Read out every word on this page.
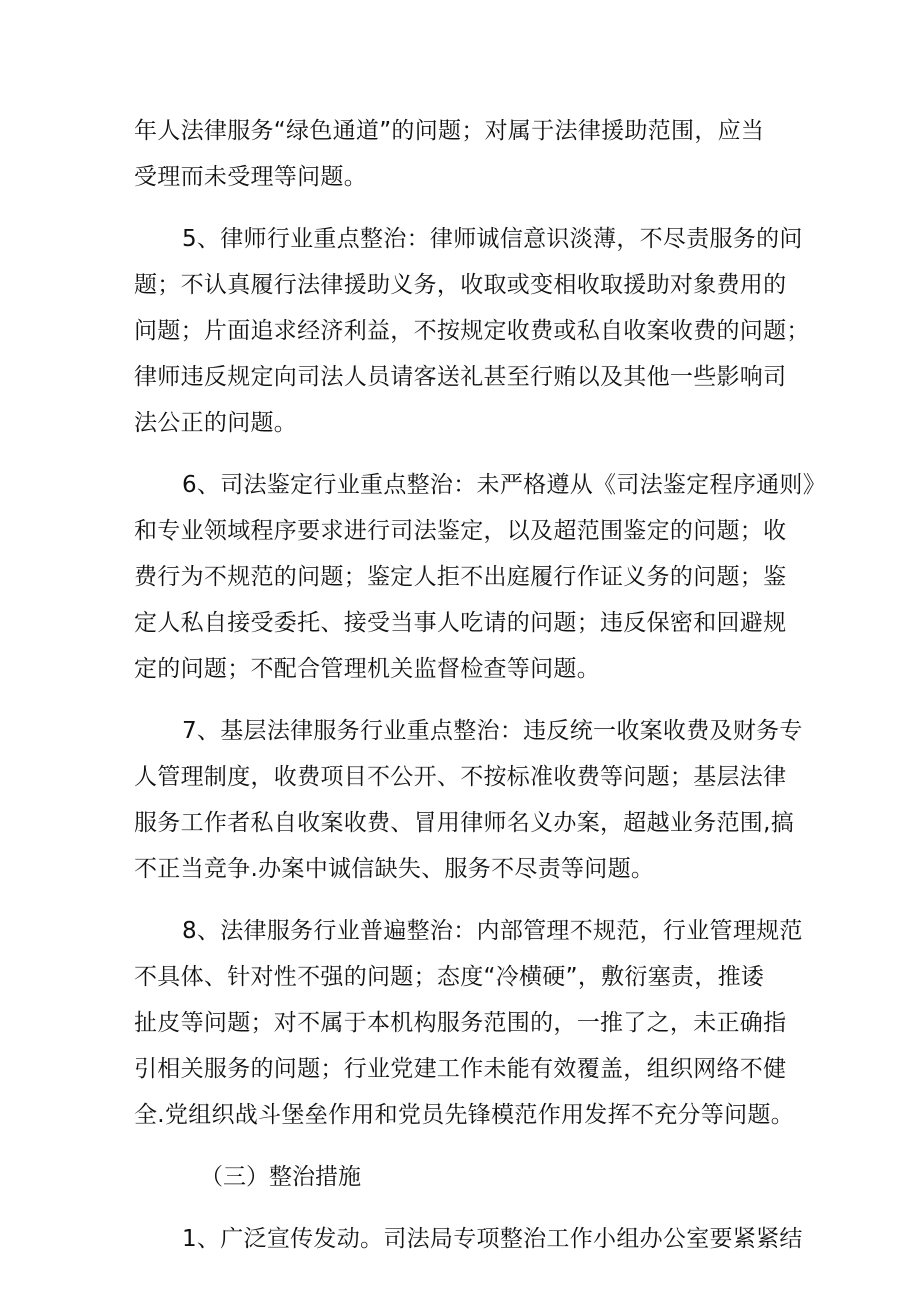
年人法律服务“绿色通道”的问题；对属于法律援助范围，应当
受理而未受理等问题。
5、律师行业重点整治：律师诚信意识淡薄，不尽责服务的问
题；不认真履行法律援助义务，收取或变相收取援助对象费用的
问题；片面追求经济利益，不按规定收费或私自收案收费的问题；
律师违反规定向司法人员请客送礼甚至行贿以及其他一些影响司
法公正的问题。
6、司法鉴定行业重点整治：未严格遵从《司法鉴定程序通则》
和专业领域程序要求进行司法鉴定，以及超范围鉴定的问题；收
费行为不规范的问题；鉴定人拒不出庭履行作证义务的问题；鉴
定人私自接受委托、接受当事人吃请的问题；违反保密和回避规
定的问题；不配合管理机关监督检查等问题。
7、基层法律服务行业重点整治：违反统一收案收费及财务专
人管理制度，收费项目不公开、不按标准收费等问题；基层法律
服务工作者私自收案收费、冒用律师名义办案，超越业务范围,搞
不正当竞争.办案中诚信缺失、服务不尽责等问题。
8、法律服务行业普遍整治：内部管理不规范，行业管理规范
不具体、针对性不强的问题；态度“冷横硬”，敷衍塞责，推诿
扯皮等问题；对不属于本机构服务范围的，一推了之，未正确指
引相关服务的问题；行业党建工作未能有效覆盖，组织网络不健
全.党组织战斗堡垒作用和党员先锋模范作用发挥不充分等问题。
（三）整治措施
1、广泛宣传发动。司法局专项整治工作小组办公室要紧紧结
